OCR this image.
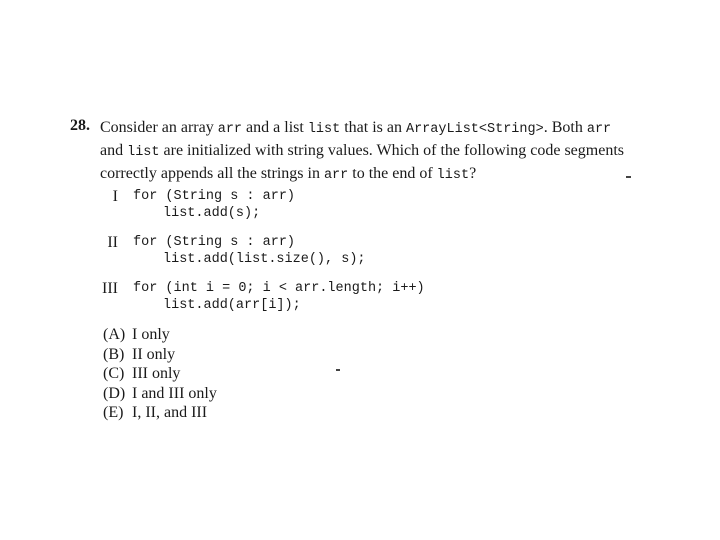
28. Consider an array arr and a list list that is an ArrayList<String>. Both arr
and list are initialized with string values. Which of the following code segments
correctly appends all the strings in arr to the end of list?
I for (String s : arr)
list.add(s);
II for (String s : arr)
list.add(list.size(), s);
III for (int i = 0; i < arr.length; i++)
list.add(arr[i]);
(A) I only
(B) II only
(C) III only
(D) I and III only
(E) I, II, and III
